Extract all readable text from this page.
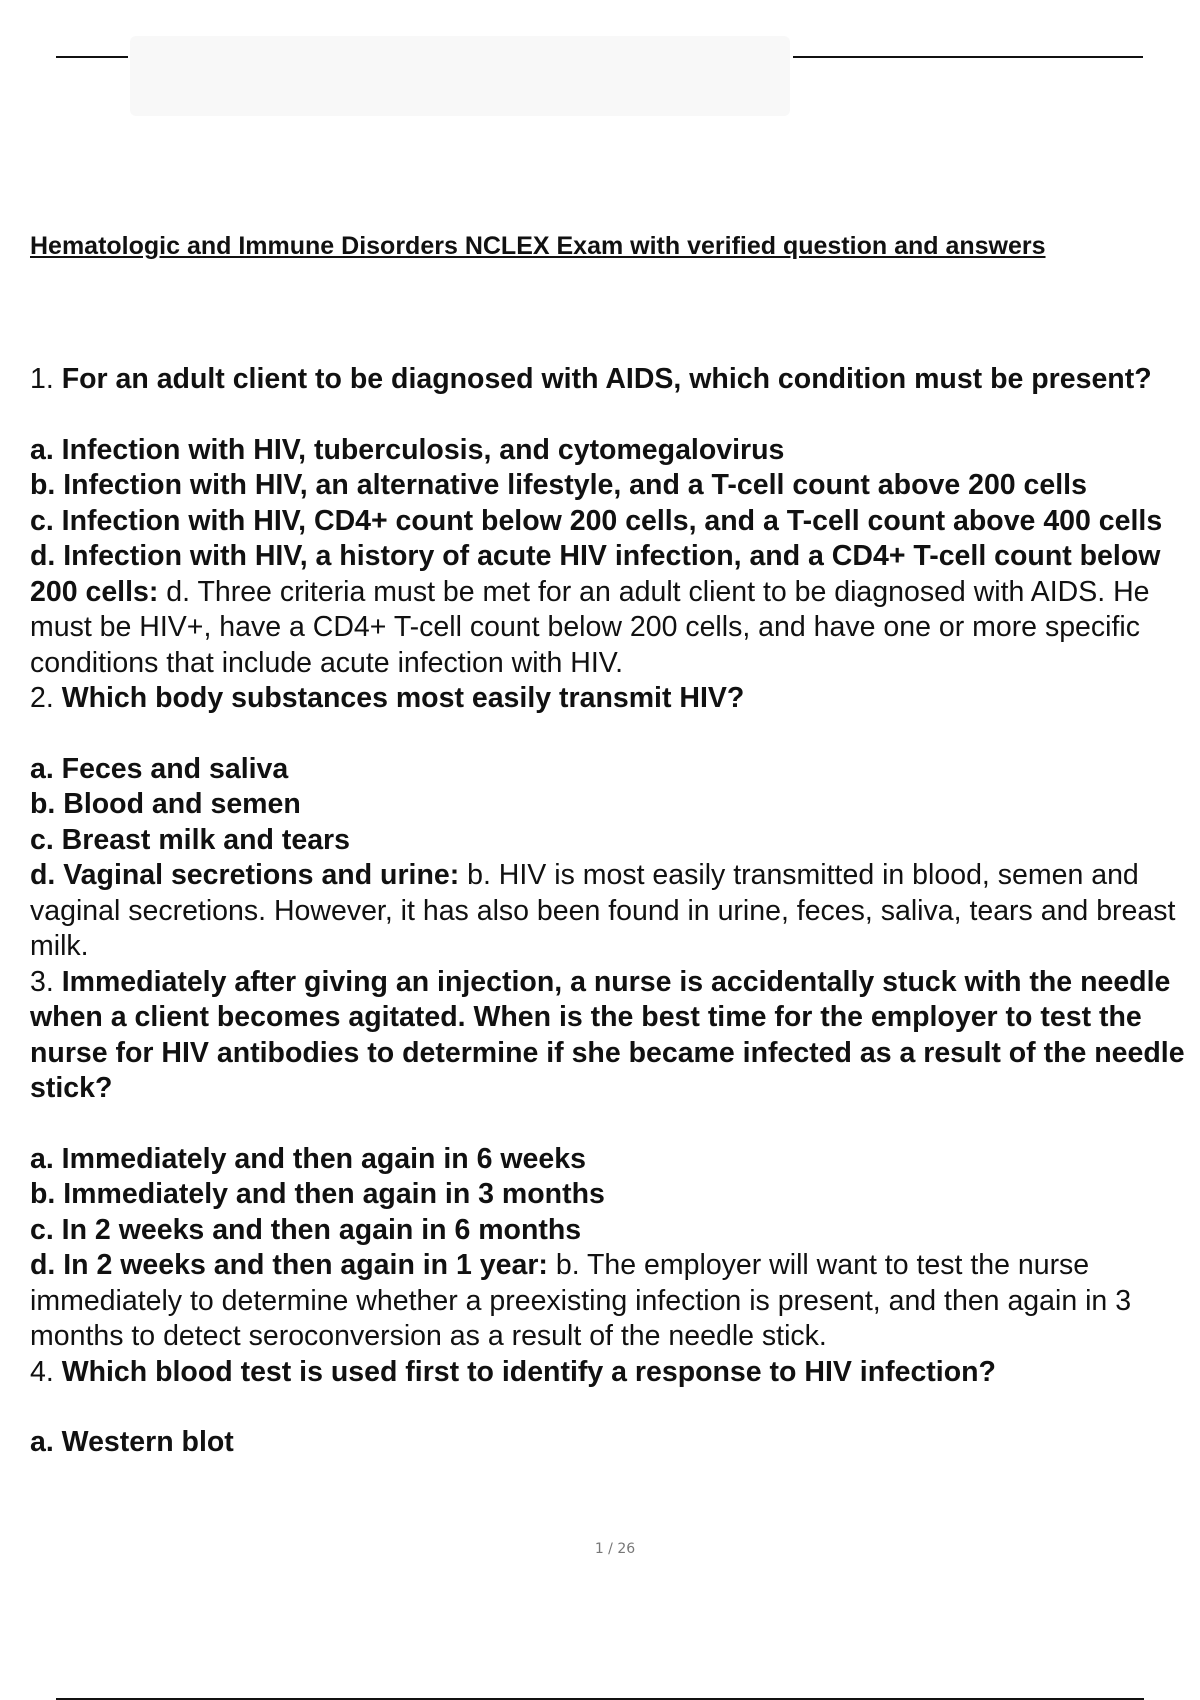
Hematologic and Immune Disorders NCLEX Exam with verified question and answers

1. For an adult client to be diagnosed with AIDS, which condition must be present?

a. Infection with HIV, tuberculosis, and cytomegalovirus

b. Infection with HIV, an alternative lifestyle, and a T-cell count above 200 cells

c. Infection with HIV, CD4+ count below 200 cells, and a T-cell count above 400 cells

d. Infection with HIV, a history of acute HIV infection, and a CD4+ T-cell count below 200 cells: d. Three criteria must be met for an adult client to be diagnosed with AIDS. He must be HIV+, have a CD4+ T-cell count below 200 cells, and have one or more specific conditions that include acute infection with HIV.

2. Which body substances most easily transmit HIV?

a. Feces and saliva

b. Blood and semen

c. Breast milk and tears

d. Vaginal secretions and urine: b. HIV is most easily transmitted in blood, semen and vaginal secretions. However, it has also been found in urine, feces, saliva, tears and breast milk.

3. Immediately after giving an injection, a nurse is accidentally stuck with the needle when a client becomes agitated. When is the best time for the employer to test the nurse for HIV antibodies to determine if she became infected as a result of the needle stick?

a. Immediately and then again in 6 weeks

b. Immediately and then again in 3 months

c. In 2 weeks and then again in 6 months

d. In 2 weeks and then again in 1 year: b. The employer will want to test the nurse immediately to determine whether a preexisting infection is present, and then again in 3 months to detect seroconversion as a result of the needle stick.

4. Which blood test is used first to identify a response to HIV infection?

a. Western blot

1 / 26
